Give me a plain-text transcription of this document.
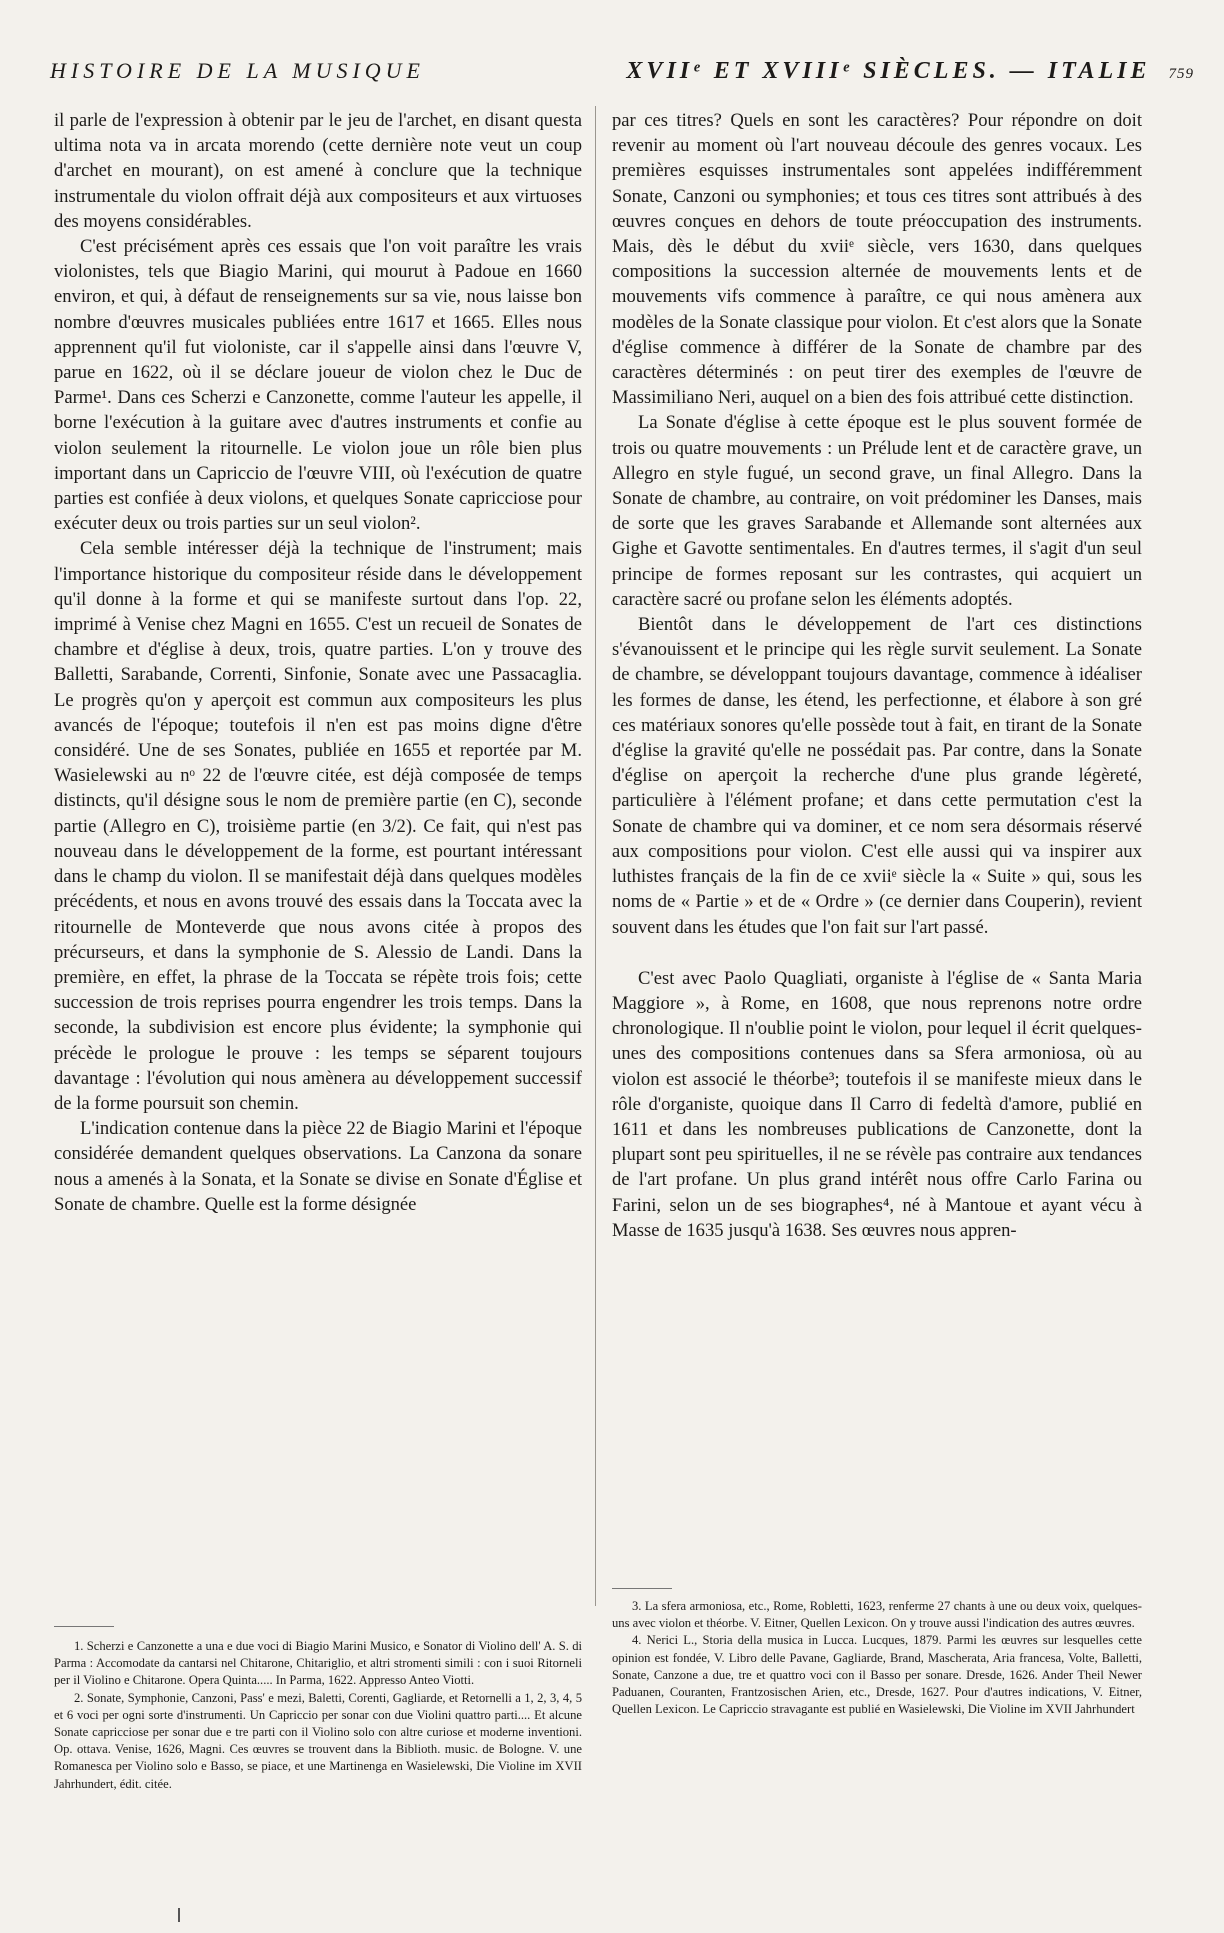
HISTOIRE DE LA MUSIQUE	XVIIᵉ ET XVIIIᵉ SIÈCLES. — ITALIE 759

il parle de l'expression à obtenir par le jeu de l'archet, en disant questa ultima nota va in arcata morendo (cette dernière note veut un coup d'archet en mourant), on est amené à conclure que la technique instrumentale du violon offrait déjà aux compositeurs et aux virtuoses des moyens considérables.

C'est précisément après ces essais que l'on voit paraître les vrais violonistes, tels que Biagio Marini, qui mourut à Padoue en 1660 environ, et qui, à défaut de renseignements sur sa vie, nous laisse bon nombre d'œuvres musicales publiées entre 1617 et 1665. Elles nous apprennent qu'il fut violoniste, car il s'appelle ainsi dans l'œuvre V, parue en 1622, où il se déclare joueur de violon chez le Duc de Parme¹. Dans ces Scherzi e Canzonette, comme l'auteur les appelle, il borne l'exécution à la guitare avec d'autres instruments et confie au violon seulement la ritournelle. Le violon joue un rôle bien plus important dans un Capriccio de l'œuvre VIII, où l'exécution de quatre parties est confiée à deux violons, et quelques Sonate capricciose pour exécuter deux ou trois parties sur un seul violon².

Cela semble intéresser déjà la technique de l'instrument; mais l'importance historique du compositeur réside dans le développement qu'il donne à la forme et qui se manifeste surtout dans l'op. 22, imprimé à Venise chez Magni en 1655. C'est un recueil de Sonates de chambre et d'église à deux, trois, quatre parties. L'on y trouve des Balletti, Sarabande, Correnti, Sinfonie, Sonate avec une Passacaglia. Le progrès qu'on y aperçoit est commun aux compositeurs les plus avancés de l'époque; toutefois il n'en est pas moins digne d'être considéré. Une de ses Sonates, publiée en 1655 et reportée par M. Wasielewski au nᵒ 22 de l'œuvre citée, est déjà composée de temps distincts, qu'il désigne sous le nom de première partie (en C), seconde partie (Allegro en C), troisième partie (en 3/2). Ce fait, qui n'est pas nouveau dans le développement de la forme, est pourtant intéressant dans le champ du violon. Il se manifestait déjà dans quelques modèles précédents, et nous en avons trouvé des essais dans la Toccata avec la ritournelle de Monteverde que nous avons citée à propos des précurseurs, et dans la symphonie de S. Alessio de Landi. Dans la première, en effet, la phrase de la Toccata se répète trois fois; cette succession de trois reprises pourra engendrer les trois temps. Dans la seconde, la subdivision est encore plus évidente; la symphonie qui précède le prologue le prouve : les temps se séparent toujours davantage : l'évolution qui nous amènera au développement successif de la forme poursuit son chemin.

L'indication contenue dans la pièce 22 de Biagio Marini et l'époque considérée demandent quelques observations. La Canzona da sonare nous a amenés à la Sonata, et la Sonate se divise en Sonate d'Église et Sonate de chambre. Quelle est la forme désignée

par ces titres? Quels en sont les caractères? Pour répondre on doit revenir au moment où l'art nouveau découle des genres vocaux. Les premières esquisses instrumentales sont appelées indifféremment Sonate, Canzoni ou symphonies; et tous ces titres sont attribués à des œuvres conçues en dehors de toute préoccupation des instruments. Mais, dès le début du xviiᵉ siècle, vers 1630, dans quelques compositions la succession alternée de mouvements lents et de mouvements vifs commence à paraître, ce qui nous amènera aux modèles de la Sonate classique pour violon. Et c'est alors que la Sonate d'église commence à différer de la Sonate de chambre par des caractères déterminés : on peut tirer des exemples de l'œuvre de Massimiliano Neri, auquel on a bien des fois attribué cette distinction.

La Sonate d'église à cette époque est le plus souvent formée de trois ou quatre mouvements : un Prélude lent et de caractère grave, un Allegro en style fugué, un second grave, un final Allegro. Dans la Sonate de chambre, au contraire, on voit prédominer les Danses, mais de sorte que les graves Sarabande et Allemande sont alternées aux Gighe et Gavotte sentimentales. En d'autres termes, il s'agit d'un seul principe de formes reposant sur les contrastes, qui acquiert un caractère sacré ou profane selon les éléments adoptés.

Bientôt dans le développement de l'art ces distinctions s'évanouissent et le principe qui les règle survit seulement. La Sonate de chambre, se développant toujours davantage, commence à idéaliser les formes de danse, les étend, les perfectionne, et élabore à son gré ces matériaux sonores qu'elle possède tout à fait, en tirant de la Sonate d'église la gravité qu'elle ne possédait pas. Par contre, dans la Sonate d'église on aperçoit la recherche d'une plus grande légèreté, particulière à l'élément profane; et dans cette permutation c'est la Sonate de chambre qui va dominer, et ce nom sera désormais réservé aux compositions pour violon. C'est elle aussi qui va inspirer aux luthistes français de la fin de ce xviiᵉ siècle la « Suite » qui, sous les noms de « Partie » et de « Ordre » (ce dernier dans Couperin), revient souvent dans les études que l'on fait sur l'art passé.

C'est avec Paolo Quagliati, organiste à l'église de « Santa Maria Maggiore », à Rome, en 1608, que nous reprenons notre ordre chronologique. Il n'oublie point le violon, pour lequel il écrit quelques-unes des compositions contenues dans sa Sfera armoniosa, où au violon est associé le théorbe³; toutefois il se manifeste mieux dans le rôle d'organiste, quoique dans Il Carro di fedeltà d'amore, publié en 1611 et dans les nombreuses publications de Canzonette, dont la plupart sont peu spirituelles, il ne se révèle pas contraire aux tendances de l'art profane. Un plus grand intérêt nous offre Carlo Farina ou Farini, selon un de ses biographes⁴, né à Mantoue et ayant vécu à Masse de 1635 jusqu'à 1638. Ses œuvres nous appren-

1. Scherzi e Canzonette a una e due voci di Biagio Marini Musico, e Sonator di Violino dell' A. S. di Parma : Accomodate da cantarsi nel Chitarone, Chitariglio, et altri stromenti simili : con i suoi Ritorneli per il Violino e Chitarone. Opera Quinta..... In Parma, 1622. Appresso Anteo Viotti.

2. Sonate, Symphonie, Canzoni, Pass' e mezi, Baletti, Corenti, Gagliarde, et Retornelli a 1, 2, 3, 4, 5 et 6 voci per ogni sorte d'instrumenti. Un Capriccio per sonar con due Violini quattro parti.... Et alcune Sonate capricciose per sonar due e tre parti con il Violino solo con altre curiose et moderne inventioni. Op. ottava. Venise, 1626, Magni. Ces œuvres se trouvent dans la Biblioth. music. de Bologne. V. une Romanesca per Violino solo e Basso, se piace, et une Martinenga en Wasielewski, Die Violine im XVII Jahrhundert, édit. citée.

3. La sfera armoniosa, etc., Rome, Robletti, 1623, renferme 27 chants à une ou deux voix, quelques-uns avec violon et théorbe. V. Eitner, Quellen Lexicon. On y trouve aussi l'indication des autres œuvres.

4. Nerici L., Storia della musica in Lucca. Lucques, 1879. Parmi les œuvres sur lesquelles cette opinion est fondée, V. Libro delle Pavane, Gagliarde, Brand, Mascherata, Aria francesa, Volte, Balletti, Sonate, Canzone a due, tre et quattro voci con il Basso per sonare. Dresde, 1626. Ander Theil Newer Paduanen, Couranten, Frantzosischen Arien, etc., Dresde, 1627. Pour d'autres indications, V. Eitner, Quellen Lexicon. Le Capriccio stravagante est publié en Wasielewski, Die Violine im XVII Jahrhundert
